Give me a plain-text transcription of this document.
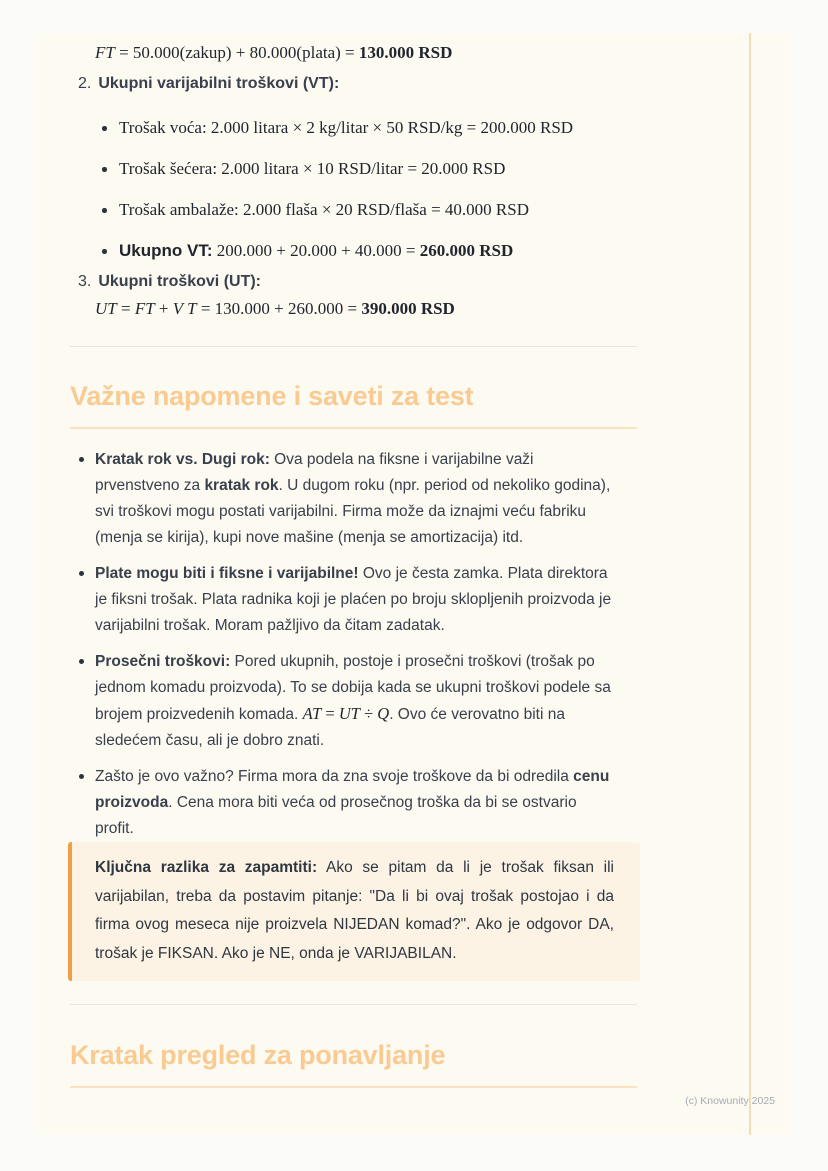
FT = 50.000(zakup) + 80.000(plata) = 130.000 RSD
2. Ukupni varijabilni troškovi (VT):
Trošak voća: 2.000 litara × 2 kg/litar × 50 RSD/kg = 200.000 RSD
Trošak šećera: 2.000 litara × 10 RSD/litar = 20.000 RSD
Trošak ambalaže: 2.000 flaša × 20 RSD/flaša = 40.000 RSD
Ukupno VT: 200.000 + 20.000 + 40.000 = 260.000 RSD
3. Ukupni troškovi (UT):
UT = FT + V T = 130.000 + 260.000 = 390.000 RSD
Važne napomene i saveti za test
Kratak rok vs. Dugi rok: Ova podela na fiksne i varijabilne važi
prvenstveno za kratak rok. U dugom roku (npr. period od nekoliko godina),
svi troškovi mogu postati varijabilni. Firma može da iznajmi veću fabriku
(menja se kirija), kupi nove mašine (menja se amortizacija) itd.
Plate mogu biti i fiksne i varijabilne! Ovo je česta zamka. Plata direktora
je fiksni trošak. Plata radnika koji je plaćen po broju sklopljenih proizvoda je
varijabilni trošak. Moram pažljivo da čitam zadatak.
Prosečni troškovi: Pored ukupnih, postoje i prosečni troškovi (trošak po
jednom komadu proizvoda). To se dobija kada se ukupni troškovi podele sa
brojem proizvedenih komada. AT = UT ÷ Q. Ovo će verovatno biti na
sledećem času, ali je dobro znati.
Zašto je ovo važno? Firma mora da zna svoje troškove da bi odredila cenu
proizvoda. Cena mora biti veća od prosečnog troška da bi se ostvario
profit.
Ključna razlika za zapamtiti: Ako se pitam da li je trošak fiksan ili varijabilan, treba da postavim pitanje: "Da li bi ovaj trošak postojao i da firma ovog meseca nije proizvela NIJEDAN komad?". Ako je odgovor DA, trošak je FIKSAN. Ako je NE, onda je VARIJABILAN.
Kratak pregled za ponavljanje
(c) Knowunity 2025
